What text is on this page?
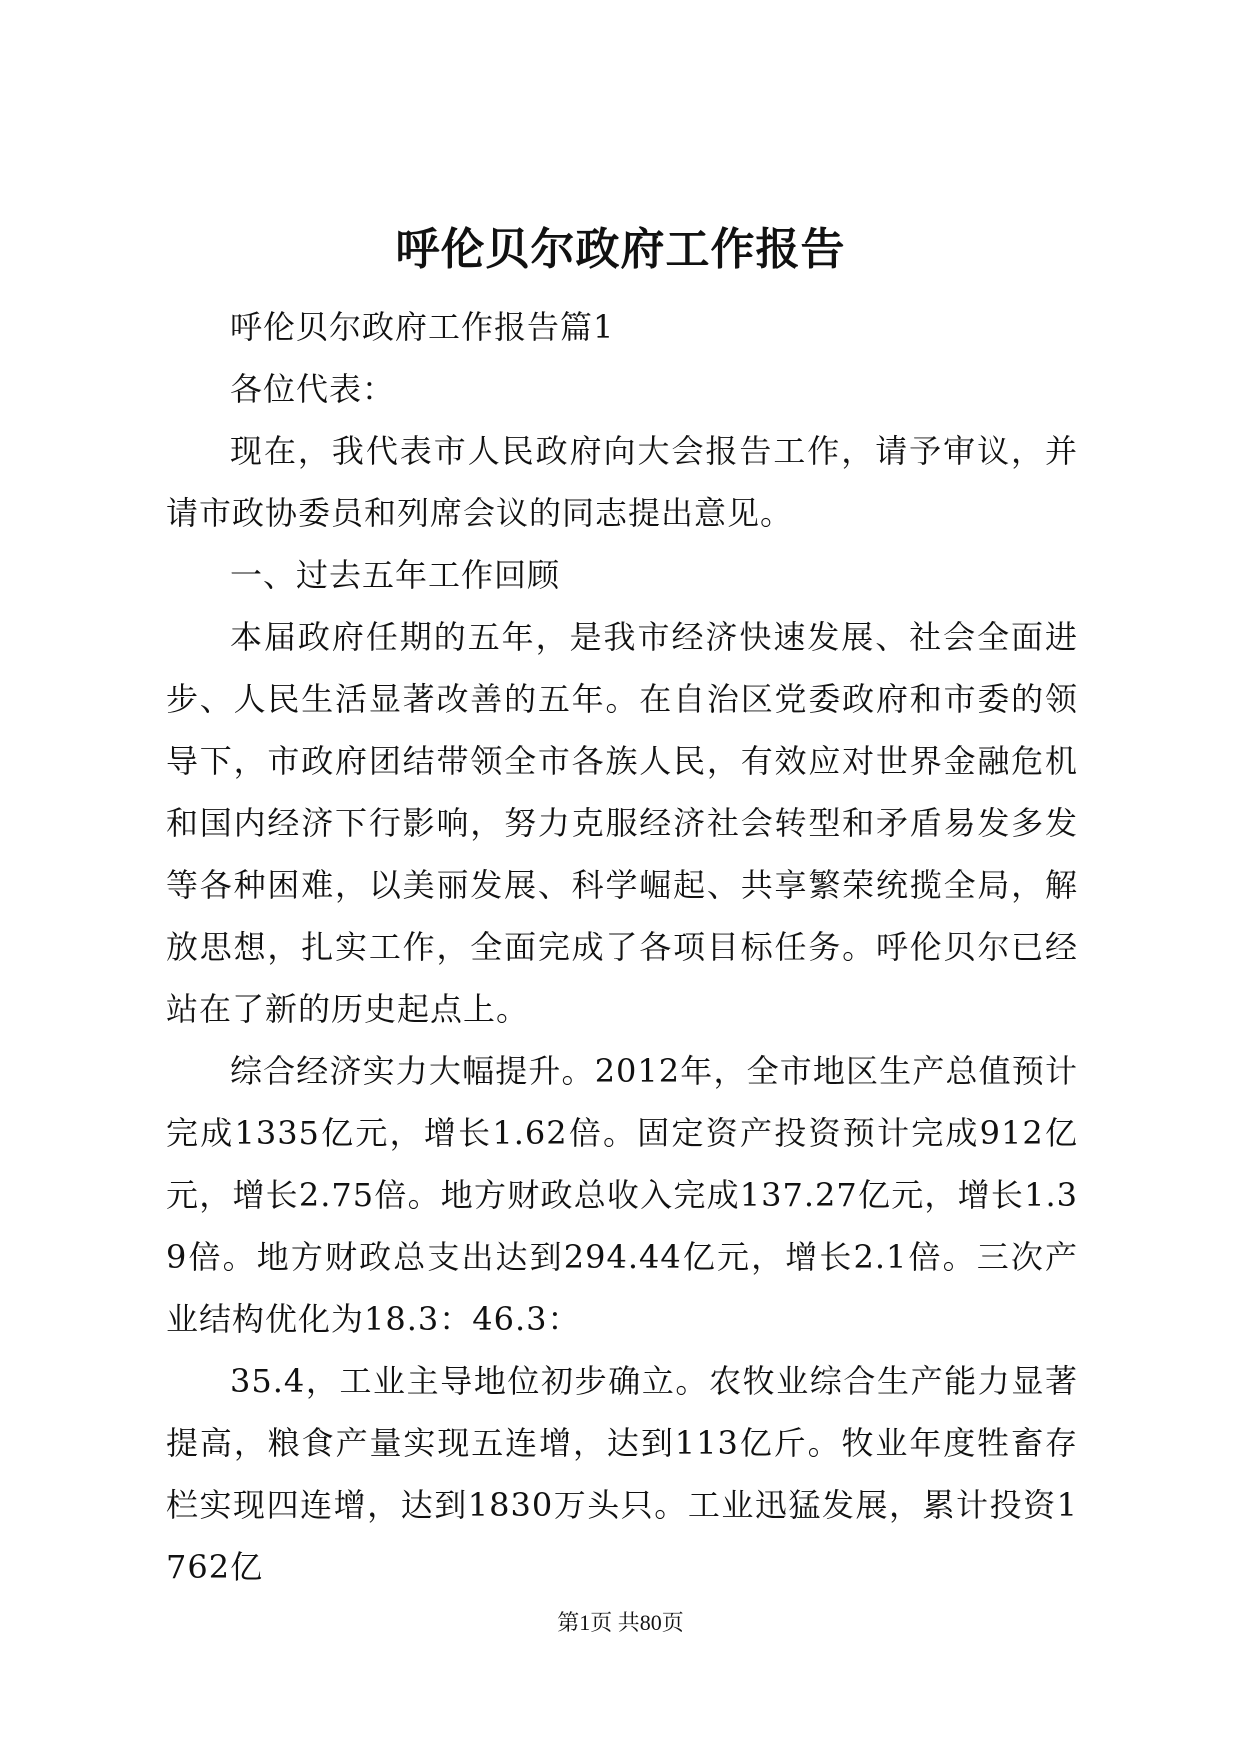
呼伦贝尔政府工作报告

呼伦贝尔政府工作报告篇1

各位代表：

现在，我代表市人民政府向大会报告工作，请予审议，并请市政协委员和列席会议的同志提出意见。

一、过去五年工作回顾

本届政府任期的五年，是我市经济快速发展、社会全面进步、人民生活显著改善的五年。在自治区党委政府和市委的领导下，市政府团结带领全市各族人民，有效应对世界金融危机和国内经济下行影响，努力克服经济社会转型和矛盾易发多发等各种困难，以美丽发展、科学崛起、共享繁荣统揽全局，解放思想，扎实工作，全面完成了各项目标任务。呼伦贝尔已经站在了新的历史起点上。

综合经济实力大幅提升。2012年，全市地区生产总值预计完成1335亿元，增长1.62倍。固定资产投资预计完成912亿元，增长2.75倍。地方财政总收入完成137.27亿元，增长1.39倍。地方财政总支出达到294.44亿元，增长2.1倍。三次产业结构优化为18.3：46.3：

35.4，工业主导地位初步确立。农牧业综合生产能力显著提高，粮食产量实现五连增，达到113亿斤。牧业年度牲畜存栏实现四连增，达到1830万头只。工业迅猛发展，累计投资1762亿

第1页 共80页
